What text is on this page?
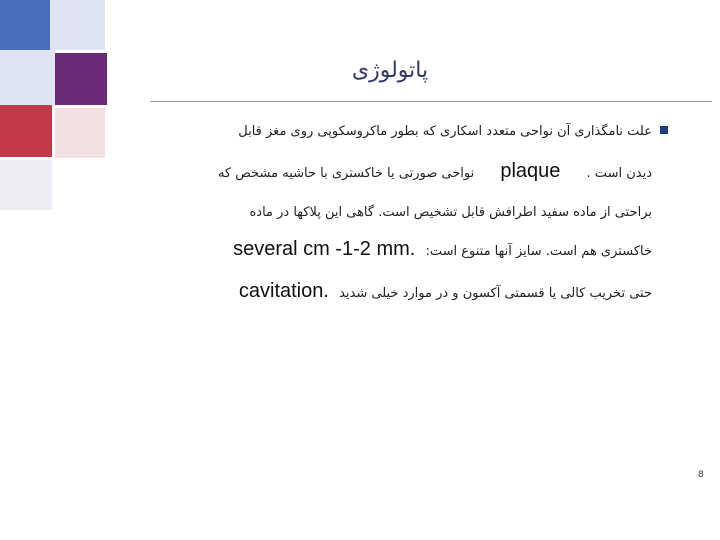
پاتولوژی
علت نامگذاری آن نواحی متعدد اسکاری که بطور ماکروسکوپی روی مغز قابل
دیدن است . plaque نواحی صورتی یا خاکستری با حاشیه مشخص که
براحتی از ماده سفید اطرافش قابل تشخیص است. گاهی این پلاکها در ماده
خاکستری هم است. سایز آنها متنوع است: several cm -1-2 mm.
حتی تخریب کالی یا قسمتی آکسون و در موارد خیلی شدید cavitation.
8
